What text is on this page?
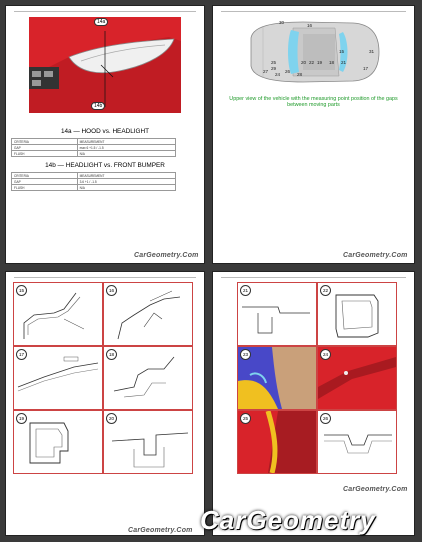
14a
14b
14a — HOOD vs. HEADLIGHT
CRITERIA	MEASUREMENT
GAP	max 6 +1.5 / -1.5
FLUSH	N/A
14b — HEADLIGHT vs. FRONT BUMPER
CRITERIA	MEASUREMENT
GAP	3.6 +1 / -1.5
FLUSH	N/A
CarGeometry.Com
30
16
15	31
25	20 22 19 18 21
29
26
27
24
17
28
Upper view of the vehicle with the measuring point position of the gaps between moving parts
CarGeometry.Com
15	16
17	18
19	20
CarGeometry.Com
21	22
23	24
25	26
CarGeometry.Com
CarGeometry
